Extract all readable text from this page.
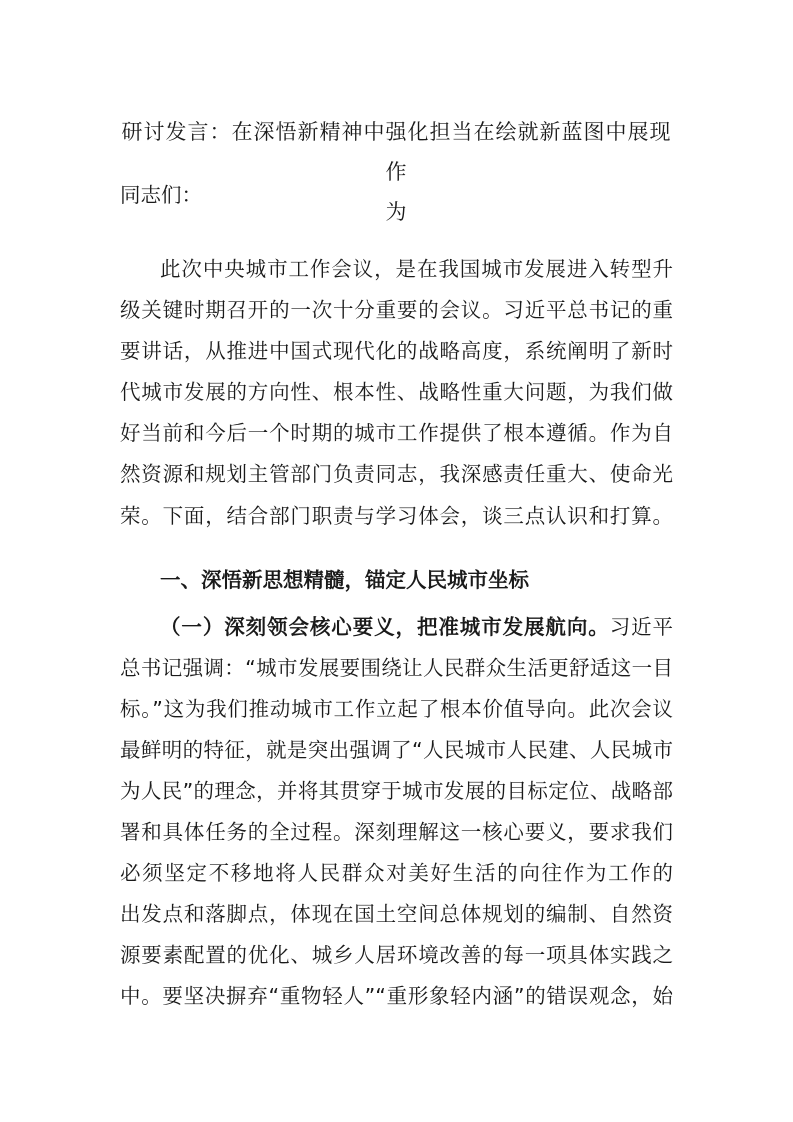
研讨发言：在深悟新精神中强化担当在绘就新蓝图中展现作
为
同志们：
此次中央城市工作会议，是在我国城市发展进入转型升
级关键时期召开的一次十分重要的会议。习近平总书记的重
要讲话，从推进中国式现代化的战略高度，系统阐明了新时
代城市发展的方向性、根本性、战略性重大问题，为我们做
好当前和今后一个时期的城市工作提供了根本遵循。作为自
然资源和规划主管部门负责同志，我深感责任重大、使命光
荣。下面，结合部门职责与学习体会，谈三点认识和打算。
一、深悟新思想精髓，锚定人民城市坐标
（一）深刻领会核心要义，把准城市发展航向。习近平
总书记强调：“城市发展要围绕让人民群众生活更舒适这一目
标。”这为我们推动城市工作立起了根本价值导向。此次会议
最鲜明的特征，就是突出强调了“人民城市人民建、人民城市
为人民”的理念，并将其贯穿于城市发展的目标定位、战略部
署和具体任务的全过程。深刻理解这一核心要义，要求我们
必须坚定不移地将人民群众对美好生活的向往作为工作的
出发点和落脚点，体现在国土空间总体规划的编制、自然资
源要素配置的优化、城乡人居环境改善的每一项具体实践之
中。要坚决摒弃“重物轻人”“重形象轻内涵”的错误观念，始
